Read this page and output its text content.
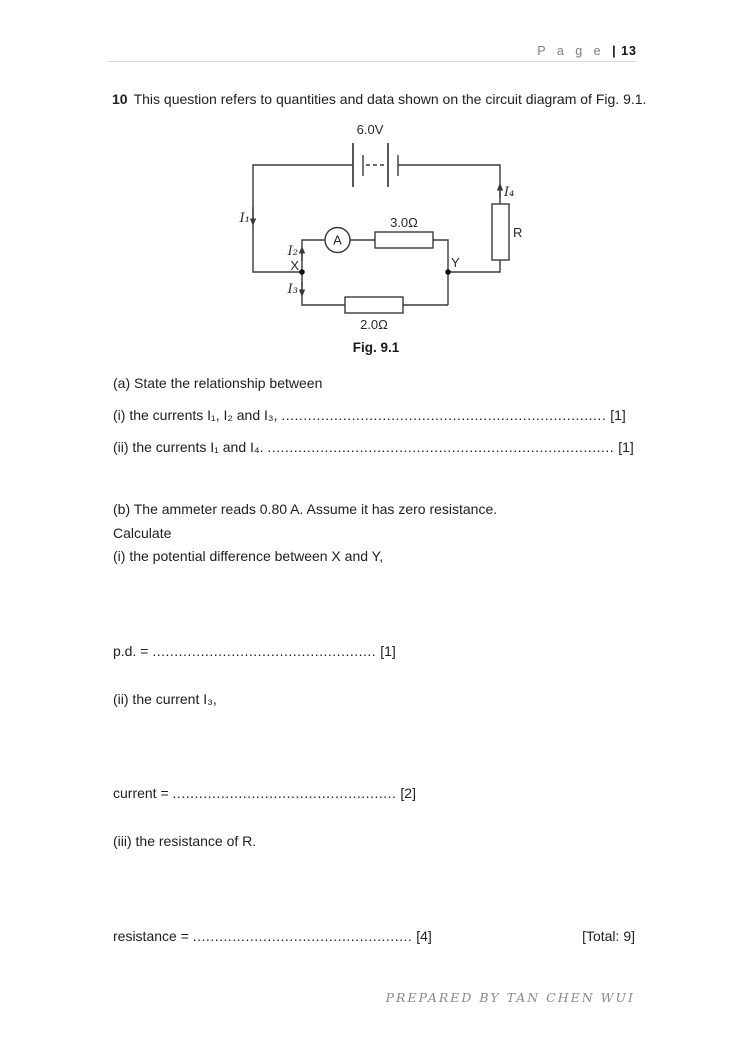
P a g e | 13
10 This question refers to quantities and data shown on the circuit diagram of Fig. 9.1.
6.0V
A
3.0Ω
2.0Ω
R
X	Y
I₁
I₂
I₃
I₄
Fig. 9.1
(a) State the relationship between
(i) the currents I₁, I₂ and I₃, .......................................................................... [1]
(ii) the currents I₁ and I₄. ............................................................................... [1]
(b) The ammeter reads 0.80 A. Assume it has zero resistance.
Calculate
(i) the potential difference between X and Y,
p.d. = ................................................... [1]
(ii) the current I₃,
current = ................................................... [2]
(iii) the resistance of R.
resistance = .................................................. [4]	[Total: 9]
PREPARED BY TAN CHEN WUI
